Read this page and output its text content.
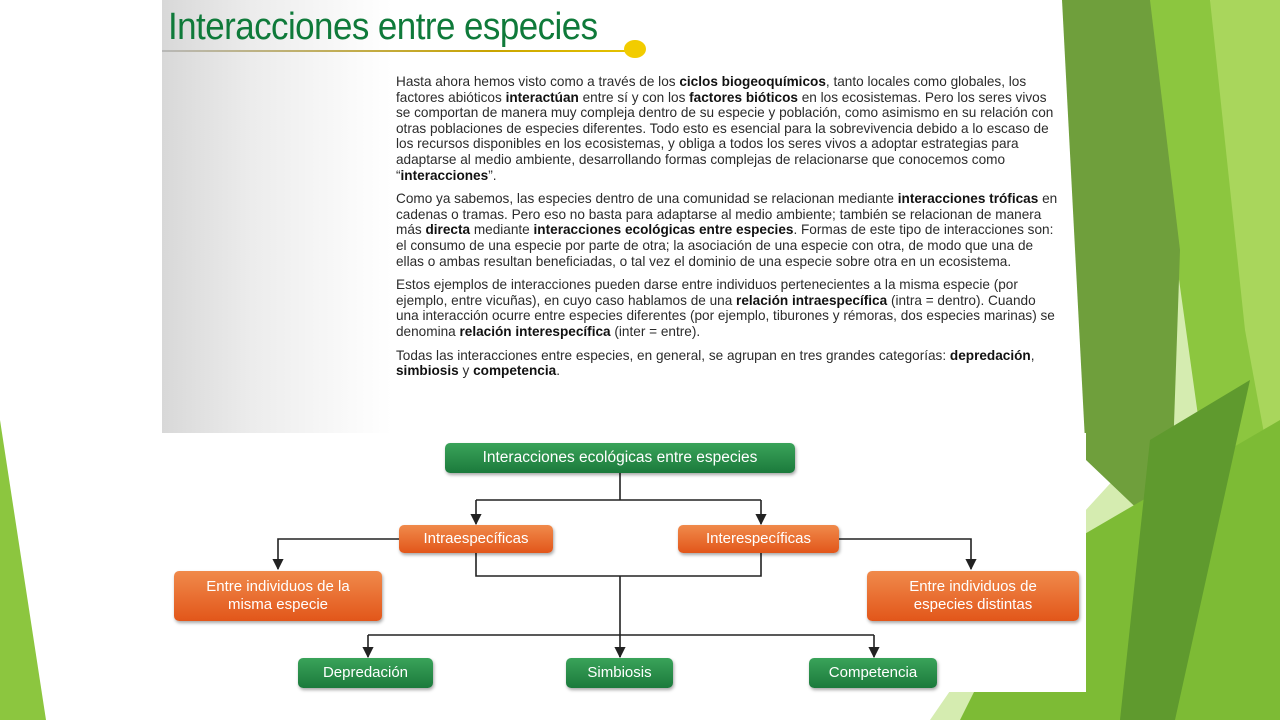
Interacciones entre especies

Hasta ahora hemos visto como a través de los ciclos biogeoquímicos, tanto locales como globales, los factores abióticos interactúan entre sí y con los factores bióticos en los ecosistemas. Pero los seres vivos se comportan de manera muy compleja dentro de su especie y población, como asimismo en su relación con otras poblaciones de especies diferentes. Todo esto es esencial para la sobrevivencia debido a lo escaso de los recursos disponibles en los ecosistemas, y obliga a todos los seres vivos a adoptar estrategias para adaptarse al medio ambiente, desarrollando formas complejas de relacionarse que conocemos como “interacciones”.

Como ya sabemos, las especies dentro de una comunidad se relacionan mediante interacciones tróficas en cadenas o tramas. Pero eso no basta para adaptarse al medio ambiente; también se relacionan de manera más directa mediante interacciones ecológicas entre especies. Formas de este tipo de interacciones son: el consumo de una especie por parte de otra; la asociación de una especie con otra, de modo que una de ellas o ambas resultan beneficiadas, o tal vez el dominio de una especie sobre otra en un ecosistema.

Estos ejemplos de interacciones pueden darse entre individuos pertenecientes a la misma especie (por ejemplo, entre vicuñas), en cuyo caso hablamos de una relación intraespecífica (intra = dentro). Cuando una interacción ocurre entre especies diferentes (por ejemplo, tiburones y rémoras, dos especies marinas) se denomina relación interespecífica (inter = entre).

Todas las interacciones entre especies, en general, se agrupan en tres grandes categorías: depredación, simbiosis y competencia.

Interacciones ecológicas entre especies
Intraespecíficas	Interespecíficas
Entre individuos de la misma especie
Entre individuos de especies distintas
Depredación	Simbiosis	Competencia
